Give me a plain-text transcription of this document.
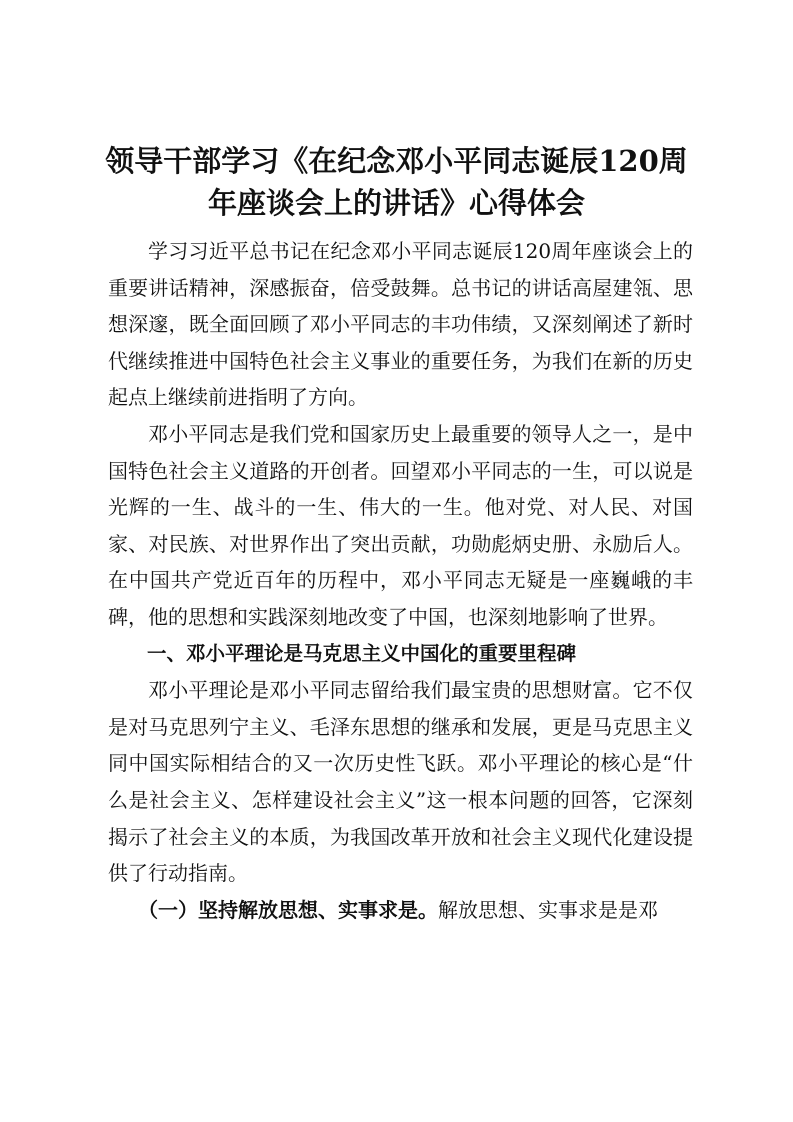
领导干部学习《在纪念邓小平同志诞辰120周
年座谈会上的讲话》心得体会

学习习近平总书记在纪念邓小平同志诞辰120周年座谈会上的重要讲话精神，深感振奋，倍受鼓舞。总书记的讲话高屋建瓴、思想深邃，既全面回顾了邓小平同志的丰功伟绩，又深刻阐述了新时代继续推进中国特色社会主义事业的重要任务，为我们在新的历史起点上继续前进指明了方向。

邓小平同志是我们党和国家历史上最重要的领导人之一，是中国特色社会主义道路的开创者。回望邓小平同志的一生，可以说是光辉的一生、战斗的一生、伟大的一生。他对党、对人民、对国家、对民族、对世界作出了突出贡献，功勋彪炳史册、永励后人。在中国共产党近百年的历程中，邓小平同志无疑是一座巍峨的丰碑，他的思想和实践深刻地改变了中国，也深刻地影响了世界。

一、邓小平理论是马克思主义中国化的重要里程碑

邓小平理论是邓小平同志留给我们最宝贵的思想财富。它不仅是对马克思列宁主义、毛泽东思想的继承和发展，更是马克思主义同中国实际相结合的又一次历史性飞跃。邓小平理论的核心是“什么是社会主义、怎样建设社会主义”这一根本问题的回答，它深刻揭示了社会主义的本质，为我国改革开放和社会主义现代化建设提供了行动指南。

（一）坚持解放思想、实事求是。解放思想、实事求是是邓
